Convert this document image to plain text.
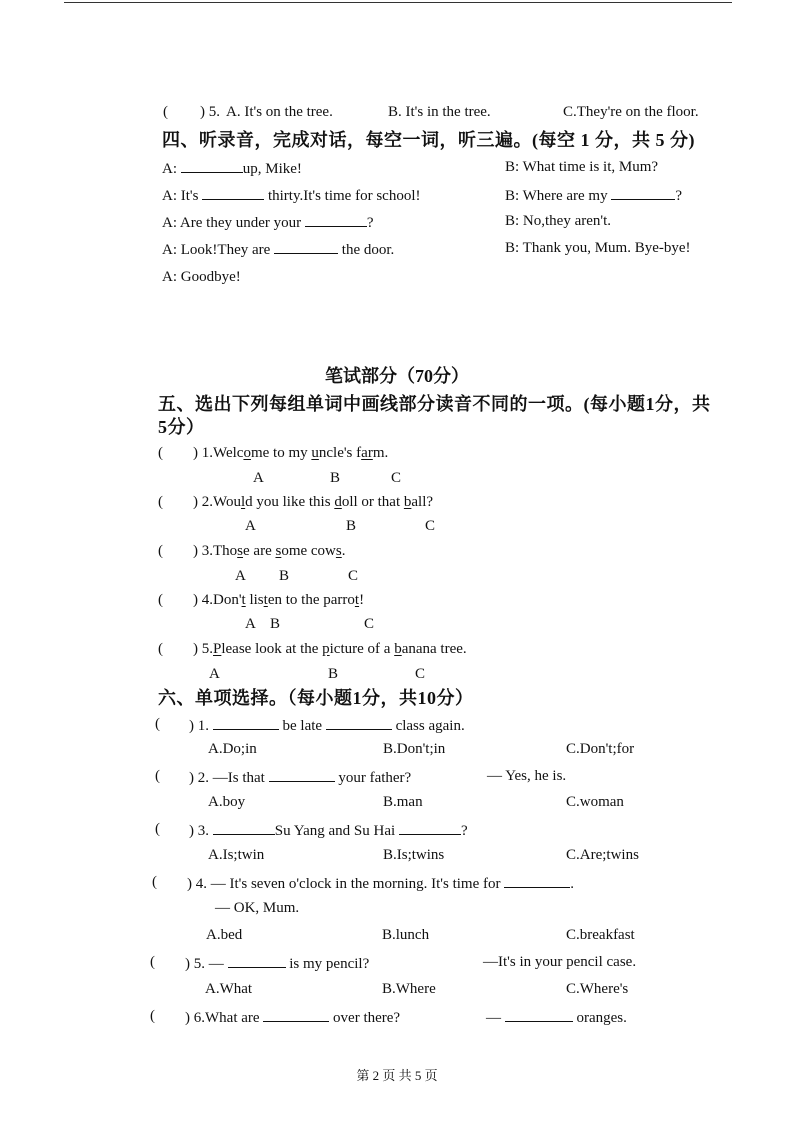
( ) 5. A. It's on the tree.	B. It's in the tree.	C.They're on the floor.
四、听录音，完成对话，每空一词，听三遍。(每空 1 分，共 5 分)
A:	up, Mike!	B: What time is it, Mum?
A: It's	thirty.It's time for school!	B: Where are my	?
A: Are they under your	?	B: No,they aren't.
A: Look!They are	the door.	B: Thank you, Mum. Bye-bye!
A: Goodbye!
笔试部分（70分）
五、选出下列每组单词中画线部分读音不同的一项。(每小题1分，共
5分）
( ) 1.Welcome to my uncle's farm.
A	B	C
( ) 2.Would you like this doll or that ball?
A	B	C
( ) 3.Those are some cows.
A B	C
( ) 4.Don't listen to the parrot!
A B	C
( ) 5.Please look at the picture of a banana tree.
A	B	C
六、单项选择。（每小题1分，共10分）
( ) 1.	be late	class again.
A.Do;in	B.Don't;in	C.Don't;for
( ) 2. —Is that	your father?	— Yes, he is.
A.boy	B.man	C.woman
( ) 3.	Su Yang and Su Hai	?
A.Is;twin	B.Is;twins	C.Are;twins
( ) 4. — It's seven o'clock in the morning. It's time for	.
— OK, Mum.
A.bed	B.lunch	C.breakfast
( ) 5. —	is my pencil?	—It's in your pencil case.
A.What	B.Where	C.Where's
( ) 6.What are	over there?	—	oranges.
第 2 页 共 5 页
